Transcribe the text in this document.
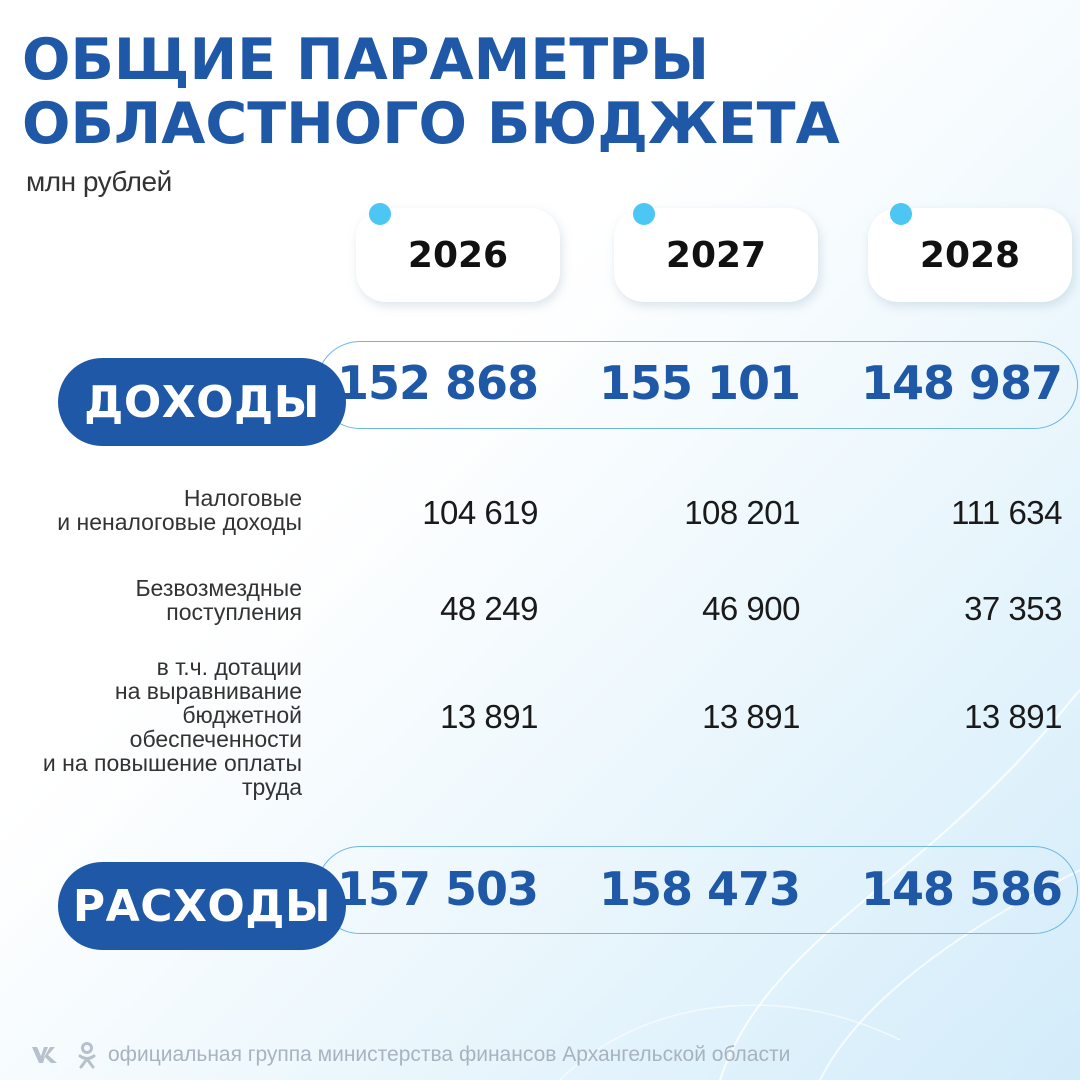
ОБЩИЕ ПАРАМЕТРЫ
ОБЛАСТНОГО БЮДЖЕТА
млн рублей
2026	2027	2028
ДОХОДЫ 152 868	155 101	148 987
Налоговые
и неналоговые доходы	104 619	108 201	111 634
Безвозмездные
поступления	48 249	46 900	37 353
в т.ч. дотации
на выравнивание
бюджетной
обеспеченности
и на повышение оплаты
труда
13 891	13 891	13 891
РАСХОДЫ 157 503	158 473	148 586
официальная группа министерства финансов Архангельской области
